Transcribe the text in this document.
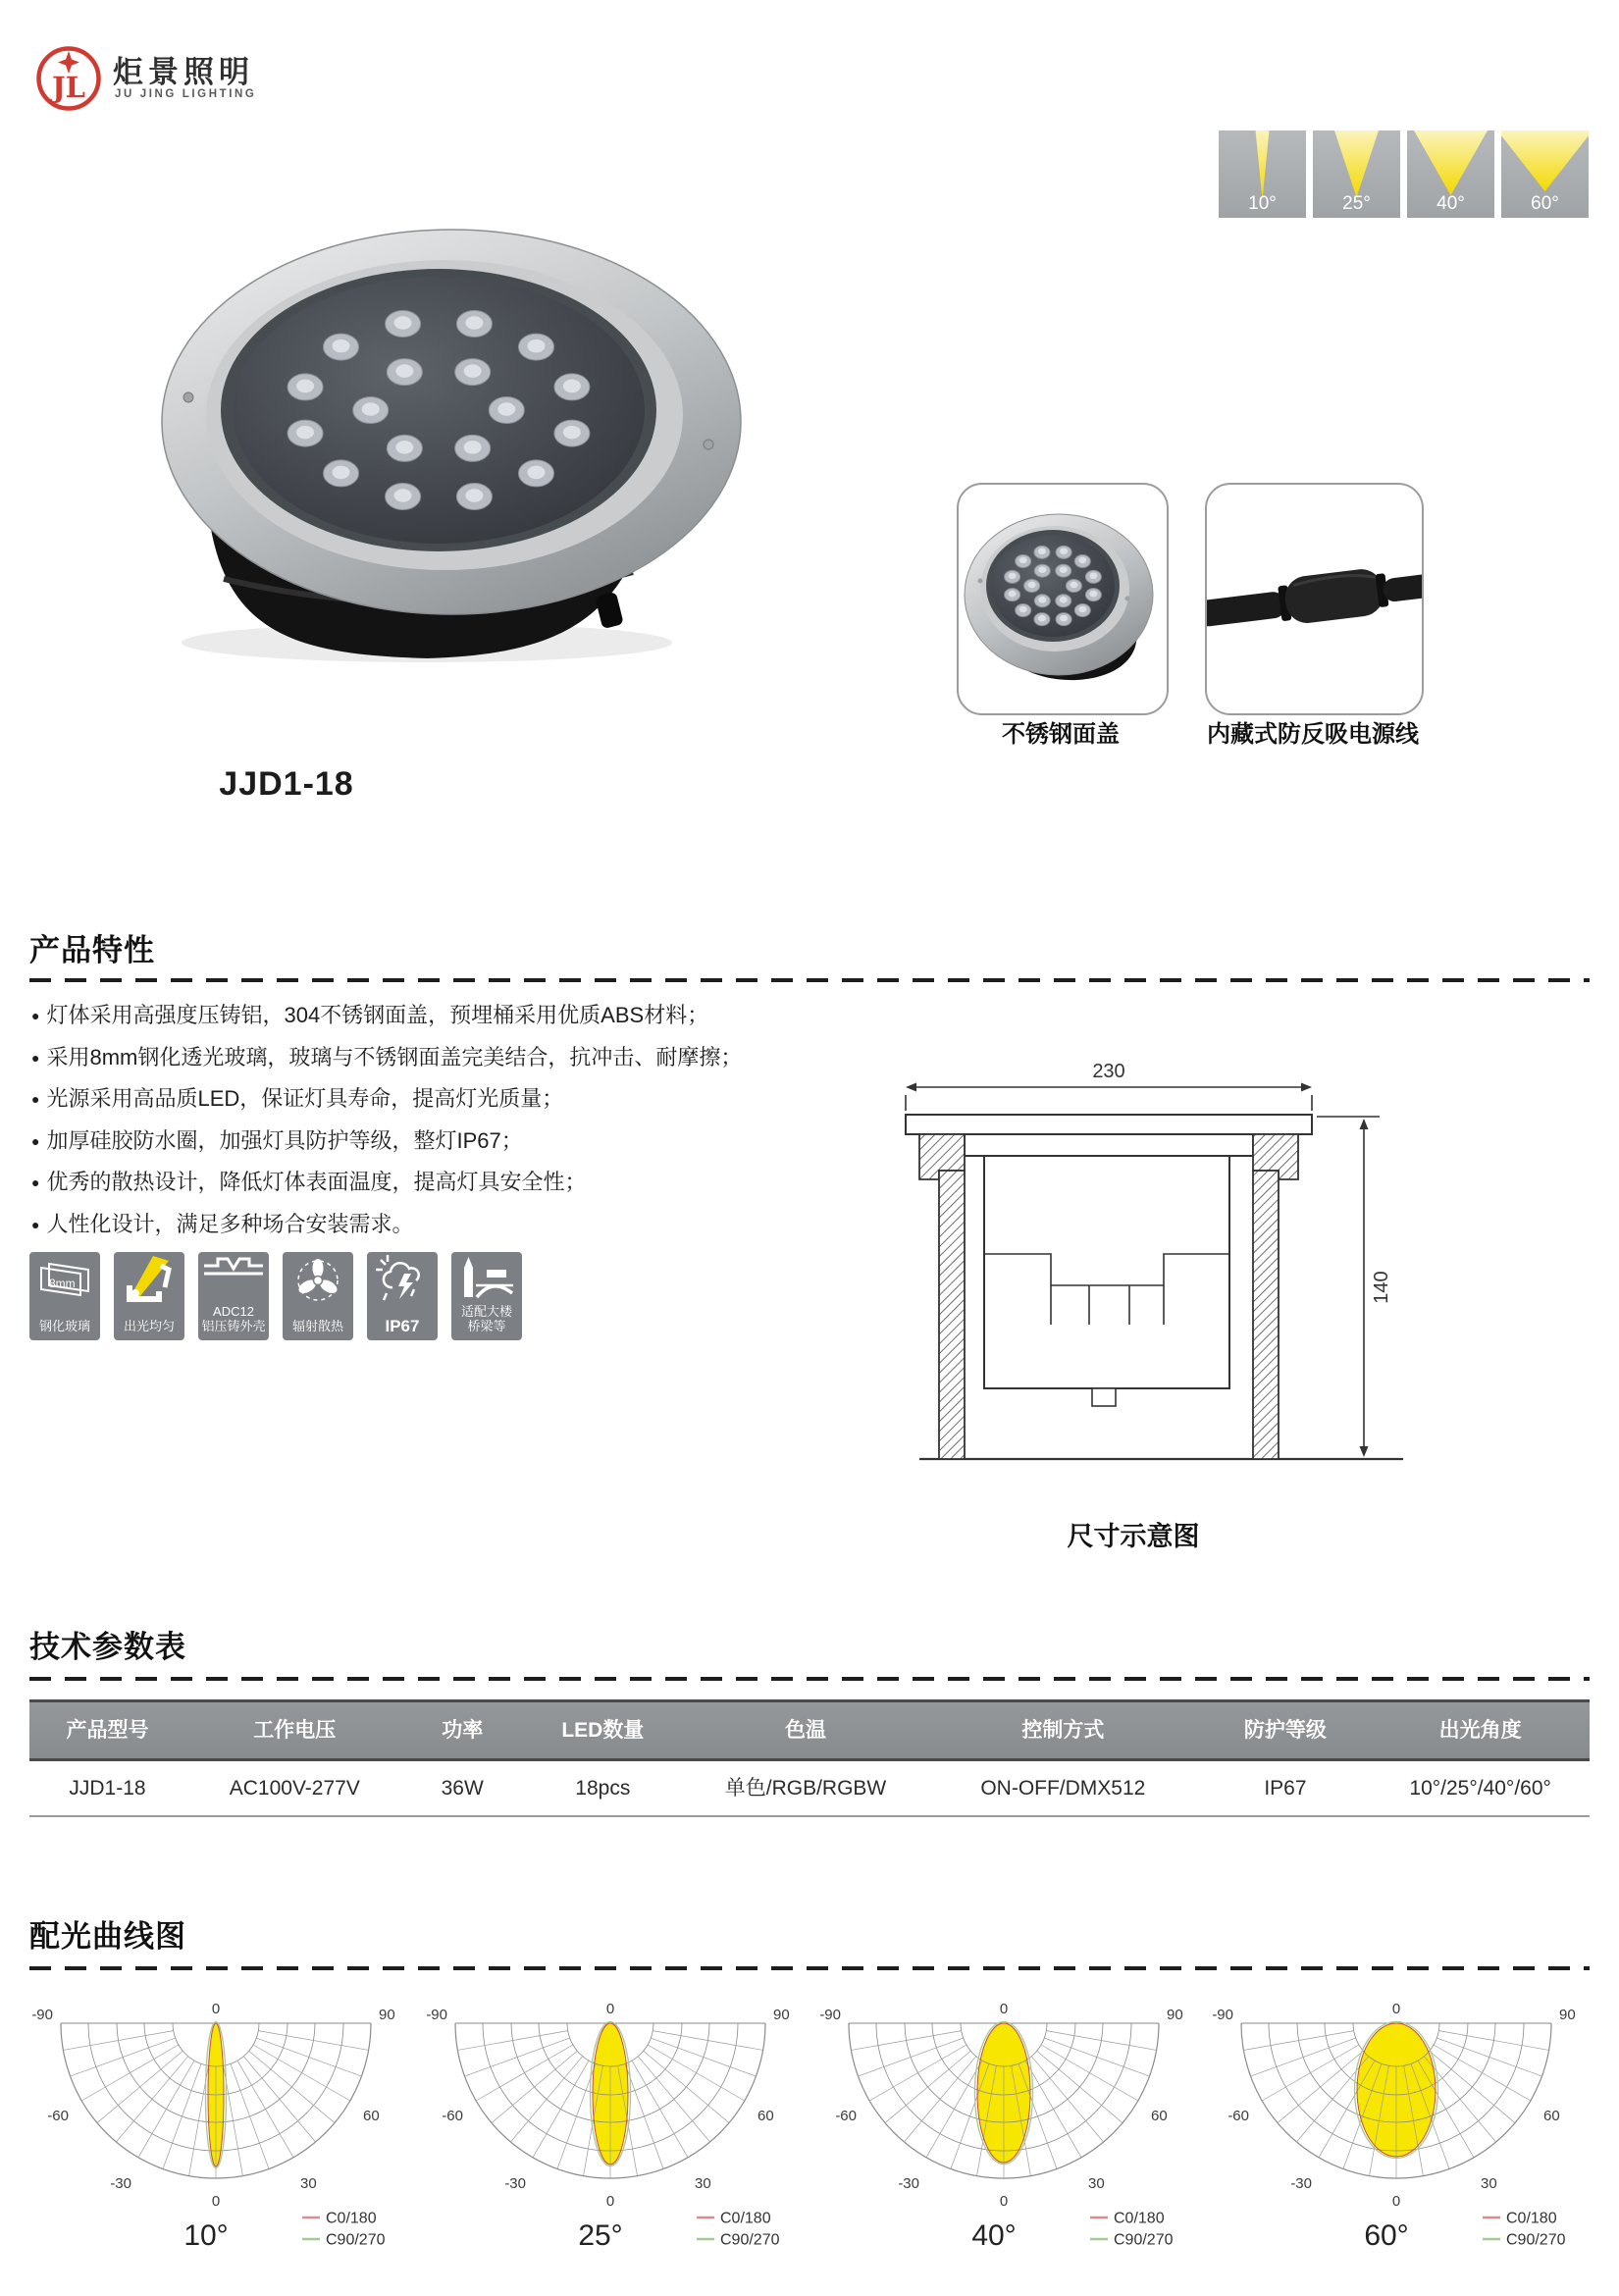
JL 炬景照明
JU JING LIGHTING
10°	25°	40°	60°
JJD1-18
不锈钢面盖	内藏式防反吸电源线
产品特性
● 灯体采用高强度压铸铝，304不锈钢面盖，预埋桶采用优质ABS材料；
● 采用8mm钢化透光玻璃，玻璃与不锈钢面盖完美结合，抗冲击、耐摩擦；
● 光源采用高品质LED，保证灯具寿命，提高灯光质量；
● 加厚硅胶防水圈，加强灯具防护等级，整灯IP67；
● 优秀的散热设计，降低灯体表面温度，提高灯具安全性；
● 人性化设计，满足多种场合安装需求。
8mm
钢化玻璃	出光均匀
ADC12
铝压铸外壳	辐射散热	IP67
适配大楼
桥梁等
230
140
尺寸示意图
技术参数表
产品型号	工作电压	功率	LED数量	色温	控制方式	防护等级	出光角度
JJD1-18	AC100V-277V	36W	18pcs	单色/RGB/RGBW	ON-OFF/DMX512	IP67	10°/25°/40°/60°
配光曲线图
0
-90	90
-60	60
-30	30
0
10°
C0/180
C90/270
0
-90	90
-60	60
-30	30
0
25°
C0/180
C90/270
0
-90	90
-60	60
-30	30
0
40°
C0/180
C90/270
0
-90	90
-60	60
-30	30
0
60°
C0/180
C90/270
